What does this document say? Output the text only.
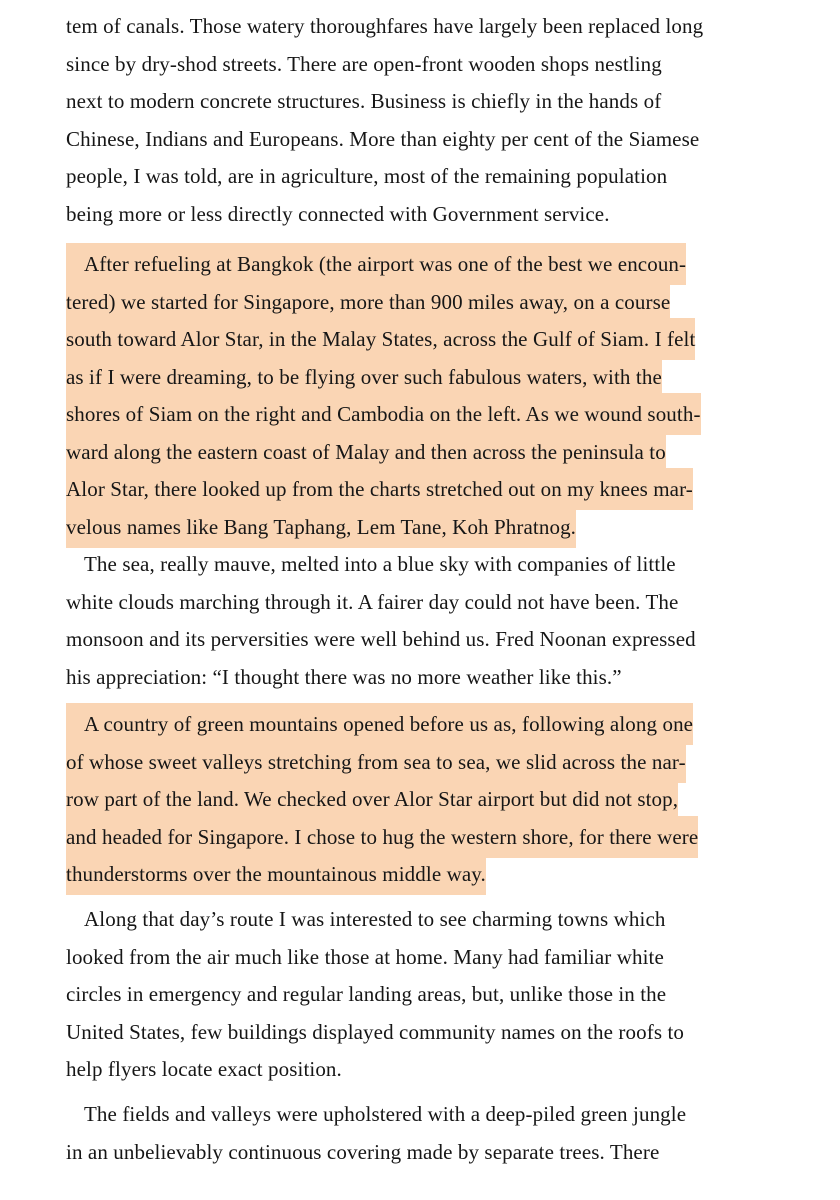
tem of canals. Those watery thoroughfares have largely been replaced long
since by dry-shod streets. There are open-front wooden shops nestling
next to modern concrete structures. Business is chiefly in the hands of
Chinese, Indians and Europeans. More than eighty per cent of the Siamese
people, I was told, are in agriculture, most of the remaining population
being more or less directly connected with Government service.
After refueling at Bangkok (the airport was one of the best we encoun-
tered) we started for Singapore, more than 900 miles away, on a course
south toward Alor Star, in the Malay States, across the Gulf of Siam. I felt
as if I were dreaming, to be flying over such fabulous waters, with the
shores of Siam on the right and Cambodia on the left. As we wound south-
ward along the eastern coast of Malay and then across the peninsula to
Alor Star, there looked up from the charts stretched out on my knees mar-
velous names like Bang Taphang, Lem Tane, Koh Phratnog.
The sea, really mauve, melted into a blue sky with companies of little
white clouds marching through it. A fairer day could not have been. The
monsoon and its perversities were well behind us. Fred Noonan expressed
his appreciation: “I thought there was no more weather like this.”
A country of green mountains opened before us as, following along one
of whose sweet valleys stretching from sea to sea, we slid across the nar-
row part of the land. We checked over Alor Star airport but did not stop,
and headed for Singapore. I chose to hug the western shore, for there were
thunderstorms over the mountainous middle way.
Along that day’s route I was interested to see charming towns which
looked from the air much like those at home. Many had familiar white
circles in emergency and regular landing areas, but, unlike those in the
United States, few buildings displayed community names on the roofs to
help flyers locate exact position.
The fields and valleys were upholstered with a deep-piled green jungle
in an unbelievably continuous covering made by separate trees. There
